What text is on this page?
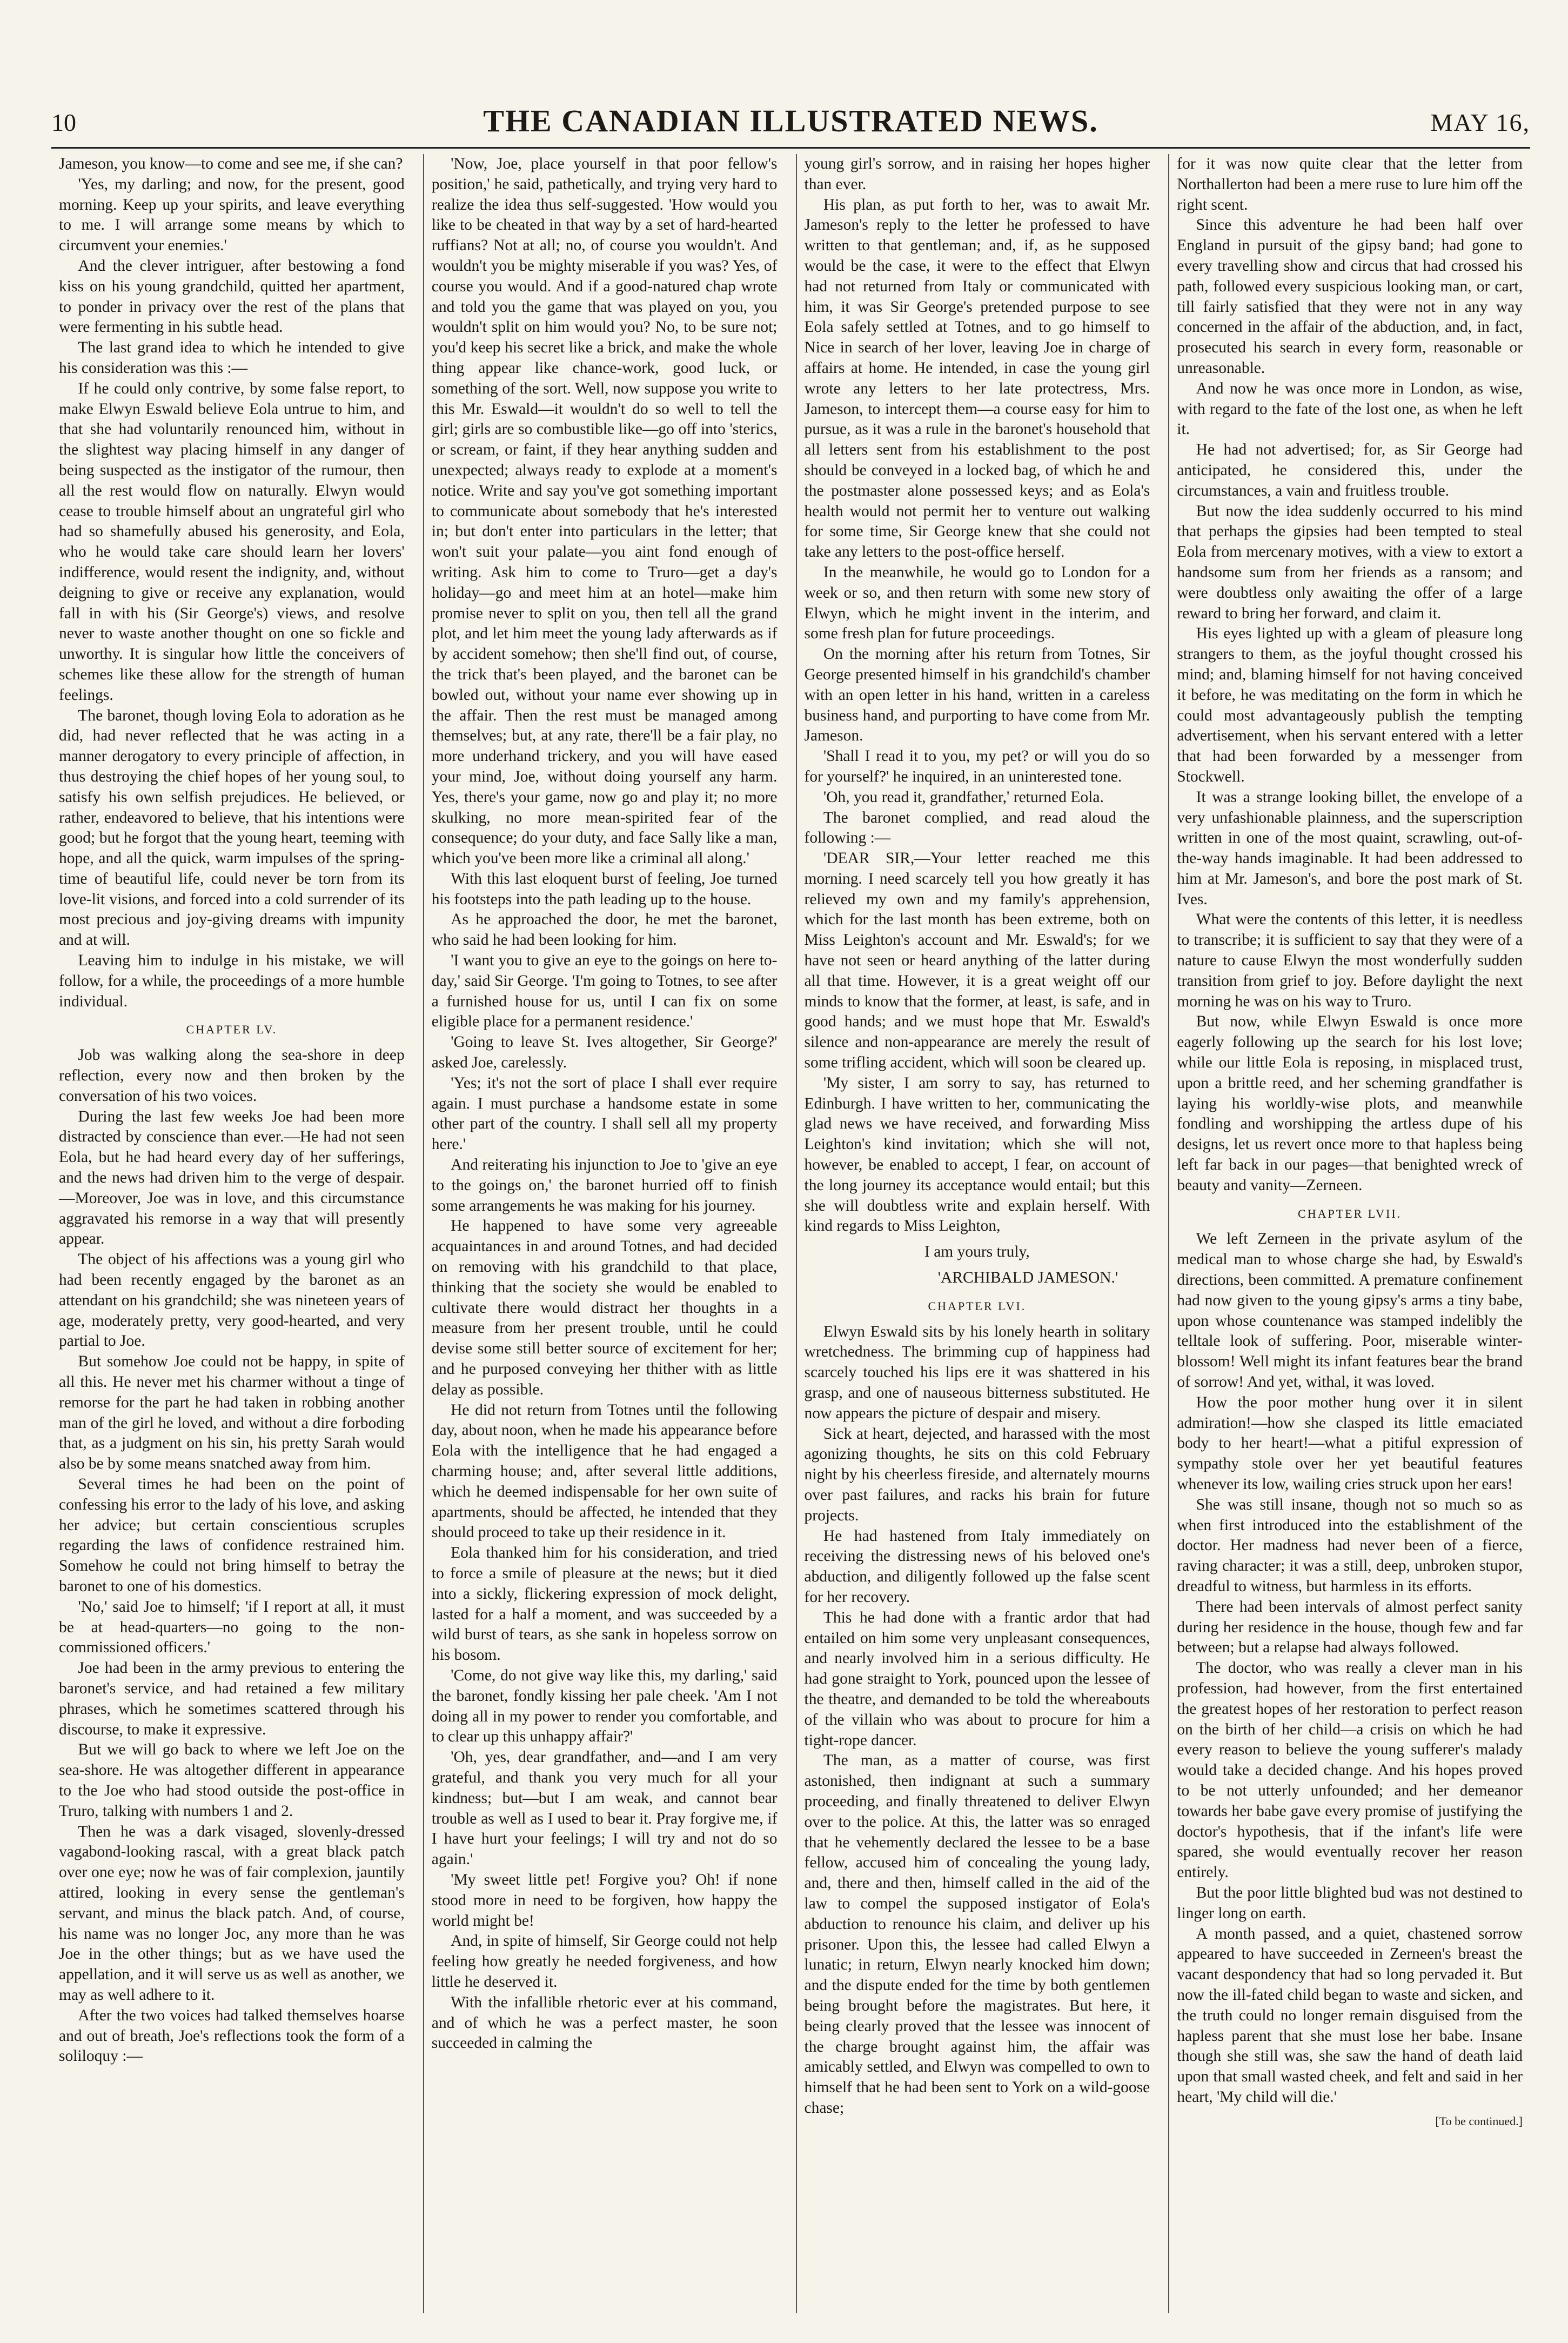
10	THE CANADIAN ILLUSTRATED NEWS.	MAY 16,

Jameson, you know—to come and see me, if she can?

'Yes, my darling; and now, for the present, good morning. Keep up your spirits, and leave everything to me. I will arrange some means by which to circumvent your enemies.'

And the clever intriguer, after bestowing a fond kiss on his young grandchild, quitted her apartment, to ponder in privacy over the rest of the plans that were fermenting in his subtle head.

The last grand idea to which he intended to give his consideration was this :—

If he could only contrive, by some false report, to make Elwyn Eswald believe Eola untrue to him, and that she had voluntarily renounced him, without in the slightest way placing himself in any danger of being suspected as the instigator of the rumour, then all the rest would flow on naturally. Elwyn would cease to trouble himself about an ungrateful girl who had so shamefully abused his generosity, and Eola, who he would take care should learn her lovers' indifference, would resent the indignity, and, without deigning to give or receive any explanation, would fall in with his (Sir George's) views, and resolve never to waste another thought on one so fickle and unworthy. It is singular how little the conceivers of schemes like these allow for the strength of human feelings.

The baronet, though loving Eola to adoration as he did, had never reflected that he was acting in a manner derogatory to every principle of affection, in thus destroying the chief hopes of her young soul, to satisfy his own selfish prejudices. He believed, or rather, endeavored to believe, that his intentions were good; but he forgot that the young heart, teeming with hope, and all the quick, warm impulses of the spring-time of beautiful life, could never be torn from its love-lit visions, and forced into a cold surrender of its most precious and joy-giving dreams with impunity and at will.

Leaving him to indulge in his mistake, we will follow, for a while, the proceedings of a more humble individual.

CHAPTER LV.

Job was walking along the sea-shore in deep reflection, every now and then broken by the conversation of his two voices.

During the last few weeks Joe had been more distracted by conscience than ever.—He had not seen Eola, but he had heard every day of her sufferings, and the news had driven him to the verge of despair.—Moreover, Joe was in love, and this circumstance aggravated his remorse in a way that will presently appear.

The object of his affections was a young girl who had been recently engaged by the baronet as an attendant on his grandchild; she was nineteen years of age, moderately pretty, very good-hearted, and very partial to Joe.

But somehow Joe could not be happy, in spite of all this. He never met his charmer without a tinge of remorse for the part he had taken in robbing another man of the girl he loved, and without a dire forboding that, as a judgment on his sin, his pretty Sarah would also be by some means snatched away from him.

Several times he had been on the point of confessing his error to the lady of his love, and asking her advice; but certain conscientious scruples regarding the laws of confidence restrained him. Somehow he could not bring himself to betray the baronet to one of his domestics.

'No,' said Joe to himself; 'if I report at all, it must be at head-quarters—no going to the non-commissioned officers.'

Joe had been in the army previous to entering the baronet's service, and had retained a few military phrases, which he sometimes scattered through his discourse, to make it expressive.

But we will go back to where we left Joe on the sea-shore. He was altogether different in appearance to the Joe who had stood outside the post-office in Truro, talking with numbers 1 and 2.

Then he was a dark visaged, slovenly-dressed vagabond-looking rascal, with a great black patch over one eye; now he was of fair complexion, jauntily attired, looking in every sense the gentleman's servant, and minus the black patch. And, of course, his name was no longer Joc, any more than he was Joe in the other things; but as we have used the appellation, and it will serve us as well as another, we may as well adhere to it.

After the two voices had talked themselves hoarse and out of breath, Joe's reflections took the form of a soliloquy :—

'Now, Joe, place yourself in that poor fellow's position,' he said, pathetically, and trying very hard to realize the idea thus self-suggested. 'How would you like to be cheated in that way by a set of hard-hearted ruffians? Not at all; no, of course you wouldn't. And wouldn't you be mighty miserable if you was? Yes, of course you would. And if a good-natured chap wrote and told you the game that was played on you, you wouldn't split on him would you? No, to be sure not; you'd keep his secret like a brick, and make the whole thing appear like chance-work, good luck, or something of the sort. Well, now suppose you write to this Mr. Eswald—it wouldn't do so well to tell the girl; girls are so combustible like—go off into 'sterics, or scream, or faint, if they hear anything sudden and unexpected; always ready to explode at a moment's notice. Write and say you've got something important to communicate about somebody that he's interested in; but don't enter into particulars in the letter; that won't suit your palate—you aint fond enough of writing. Ask him to come to Truro—get a day's holiday—go and meet him at an hotel—make him promise never to split on you, then tell all the grand plot, and let him meet the young lady afterwards as if by accident somehow; then she'll find out, of course, the trick that's been played, and the baronet can be bowled out, without your name ever showing up in the affair. Then the rest must be managed among themselves; but, at any rate, there'll be a fair play, no more underhand trickery, and you will have eased your mind, Joe, without doing yourself any harm. Yes, there's your game, now go and play it; no more skulking, no more mean-spirited fear of the consequence; do your duty, and face Sally like a man, which you've been more like a criminal all along.'

With this last eloquent burst of feeling, Joe turned his footsteps into the path leading up to the house.

As he approached the door, he met the baronet, who said he had been looking for him.

'I want you to give an eye to the goings on here to-day,' said Sir George. 'I'm going to Totnes, to see after a furnished house for us, until I can fix on some eligible place for a permanent residence.'

'Going to leave St. Ives altogether, Sir George?' asked Joe, carelessly.

'Yes; it's not the sort of place I shall ever require again. I must purchase a handsome estate in some other part of the country. I shall sell all my property here.'

And reiterating his injunction to Joe to 'give an eye to the goings on,' the baronet hurried off to finish some arrangements he was making for his journey.

He happened to have some very agreeable acquaintances in and around Totnes, and had decided on removing with his grandchild to that place, thinking that the society she would be enabled to cultivate there would distract her thoughts in a measure from her present trouble, until he could devise some still better source of excitement for her; and he purposed conveying her thither with as little delay as possible.

He did not return from Totnes until the following day, about noon, when he made his appearance before Eola with the intelligence that he had engaged a charming house; and, after several little additions, which he deemed indispensable for her own suite of apartments, should be affected, he intended that they should proceed to take up their residence in it.

Eola thanked him for his consideration, and tried to force a smile of pleasure at the news; but it died into a sickly, flickering expression of mock delight, lasted for a half a moment, and was succeeded by a wild burst of tears, as she sank in hopeless sorrow on his bosom.

'Come, do not give way like this, my darling,' said the baronet, fondly kissing her pale cheek. 'Am I not doing all in my power to render you comfortable, and to clear up this unhappy affair?'

'Oh, yes, dear grandfather, and—and I am very grateful, and thank you very much for all your kindness; but—but I am weak, and cannot bear trouble as well as I used to bear it. Pray forgive me, if I have hurt your feelings; I will try and not do so again.'

'My sweet little pet! Forgive you? Oh! if none stood more in need to be forgiven, how happy the world might be!

And, in spite of himself, Sir George could not help feeling how greatly he needed forgiveness, and how little he deserved it.

With the infallible rhetoric ever at his command, and of which he was a perfect master, he soon succeeded in calming the

young girl's sorrow, and in raising her hopes higher than ever.

His plan, as put forth to her, was to await Mr. Jameson's reply to the letter he professed to have written to that gentleman; and, if, as he supposed would be the case, it were to the effect that Elwyn had not returned from Italy or communicated with him, it was Sir George's pretended purpose to see Eola safely settled at Totnes, and to go himself to Nice in search of her lover, leaving Joe in charge of affairs at home. He intended, in case the young girl wrote any letters to her late protectress, Mrs. Jameson, to intercept them—a course easy for him to pursue, as it was a rule in the baronet's household that all letters sent from his establishment to the post should be conveyed in a locked bag, of which he and the postmaster alone possessed keys; and as Eola's health would not permit her to venture out walking for some time, Sir George knew that she could not take any letters to the post-office herself.

In the meanwhile, he would go to London for a week or so, and then return with some new story of Elwyn, which he might invent in the interim, and some fresh plan for future proceedings.

On the morning after his return from Totnes, Sir George presented himself in his grandchild's chamber with an open letter in his hand, written in a careless business hand, and purporting to have come from Mr. Jameson.

'Shall I read it to you, my pet? or will you do so for yourself?' he inquired, in an uninterested tone.

'Oh, you read it, grandfather,' returned Eola.

The baronet complied, and read aloud the following :—

'DEAR SIR,—Your letter reached me this morning. I need scarcely tell you how greatly it has relieved my own and my family's apprehension, which for the last month has been extreme, both on Miss Leighton's account and Mr. Eswald's; for we have not seen or heard anything of the latter during all that time. However, it is a great weight off our minds to know that the former, at least, is safe, and in good hands; and we must hope that Mr. Eswald's silence and non-appearance are merely the result of some trifling accident, which will soon be cleared up.

'My sister, I am sorry to say, has returned to Edinburgh. I have written to her, communicating the glad news we have received, and forwarding Miss Leighton's kind invitation; which she will not, however, be enabled to accept, I fear, on account of the long journey its acceptance would entail; but this she will doubtless write and explain herself. With kind regards to Miss Leighton,

I am yours truly,

'ARCHIBALD JAMESON.'

CHAPTER LVI.

Elwyn Eswald sits by his lonely hearth in solitary wretchedness. The brimming cup of happiness had scarcely touched his lips ere it was shattered in his grasp, and one of nauseous bitterness substituted. He now appears the picture of despair and misery.

Sick at heart, dejected, and harassed with the most agonizing thoughts, he sits on this cold February night by his cheerless fireside, and alternately mourns over past failures, and racks his brain for future projects.

He had hastened from Italy immediately on receiving the distressing news of his beloved one's abduction, and diligently followed up the false scent for her recovery.

This he had done with a frantic ardor that had entailed on him some very unpleasant consequences, and nearly involved him in a serious difficulty. He had gone straight to York, pounced upon the lessee of the theatre, and demanded to be told the whereabouts of the villain who was about to procure for him a tight-rope dancer.

The man, as a matter of course, was first astonished, then indignant at such a summary proceeding, and finally threatened to deliver Elwyn over to the police. At this, the latter was so enraged that he vehemently declared the lessee to be a base fellow, accused him of concealing the young lady, and, there and then, himself called in the aid of the law to compel the supposed instigator of Eola's abduction to renounce his claim, and deliver up his prisoner. Upon this, the lessee had called Elwyn a lunatic; in return, Elwyn nearly knocked him down; and the dispute ended for the time by both gentlemen being brought before the magistrates. But here, it being clearly proved that the lessee was innocent of the charge brought against him, the affair was amicably settled, and Elwyn was compelled to own to himself that he had been sent to York on a wild-goose chase;

for it was now quite clear that the letter from Northallerton had been a mere ruse to lure him off the right scent.

Since this adventure he had been half over England in pursuit of the gipsy band; had gone to every travelling show and circus that had crossed his path, followed every suspicious looking man, or cart, till fairly satisfied that they were not in any way concerned in the affair of the abduction, and, in fact, prosecuted his search in every form, reasonable or unreasonable.

And now he was once more in London, as wise, with regard to the fate of the lost one, as when he left it.

He had not advertised; for, as Sir George had anticipated, he considered this, under the circumstances, a vain and fruitless trouble.

But now the idea suddenly occurred to his mind that perhaps the gipsies had been tempted to steal Eola from mercenary motives, with a view to extort a handsome sum from her friends as a ransom; and were doubtless only awaiting the offer of a large reward to bring her forward, and claim it.

His eyes lighted up with a gleam of pleasure long strangers to them, as the joyful thought crossed his mind; and, blaming himself for not having conceived it before, he was meditating on the form in which he could most advantageously publish the tempting advertisement, when his servant entered with a letter that had been forwarded by a messenger from Stockwell.

It was a strange looking billet, the envelope of a very unfashionable plainness, and the superscription written in one of the most quaint, scrawling, out-of-the-way hands imaginable. It had been addressed to him at Mr. Jameson's, and bore the post mark of St. Ives.

What were the contents of this letter, it is needless to transcribe; it is sufficient to say that they were of a nature to cause Elwyn the most wonderfully sudden transition from grief to joy. Before daylight the next morning he was on his way to Truro.

But now, while Elwyn Eswald is once more eagerly following up the search for his lost love; while our little Eola is reposing, in misplaced trust, upon a brittle reed, and her scheming grandfather is laying his worldly-wise plots, and meanwhile fondling and worshipping the artless dupe of his designs, let us revert once more to that hapless being left far back in our pages—that benighted wreck of beauty and vanity—Zerneen.

CHAPTER LVII.

We left Zerneen in the private asylum of the medical man to whose charge she had, by Eswald's directions, been committed. A premature confinement had now given to the young gipsy's arms a tiny babe, upon whose countenance was stamped indelibly the telltale look of suffering. Poor, miserable winter-blossom! Well might its infant features bear the brand of sorrow! And yet, withal, it was loved.

How the poor mother hung over it in silent admiration!—how she clasped its little emaciated body to her heart!—what a pitiful expression of sympathy stole over her yet beautiful features whenever its low, wailing cries struck upon her ears!

She was still insane, though not so much so as when first introduced into the establishment of the doctor. Her madness had never been of a fierce, raving character; it was a still, deep, unbroken stupor, dreadful to witness, but harmless in its efforts.

There had been intervals of almost perfect sanity during her residence in the house, though few and far between; but a relapse had always followed.

The doctor, who was really a clever man in his profession, had however, from the first entertained the greatest hopes of her restoration to perfect reason on the birth of her child—a crisis on which he had every reason to believe the young sufferer's malady would take a decided change. And his hopes proved to be not utterly unfounded; and her demeanor towards her babe gave every promise of justifying the doctor's hypothesis, that if the infant's life were spared, she would eventually recover her reason entirely.

But the poor little blighted bud was not destined to linger long on earth.

A month passed, and a quiet, chastened sorrow appeared to have succeeded in Zerneen's breast the vacant despondency that had so long pervaded it. But now the ill-fated child began to waste and sicken, and the truth could no longer remain disguised from the hapless parent that she must lose her babe. Insane though she still was, she saw the hand of death laid upon that small wasted cheek, and felt and said in her heart, 'My child will die.'

[To be continued.]
